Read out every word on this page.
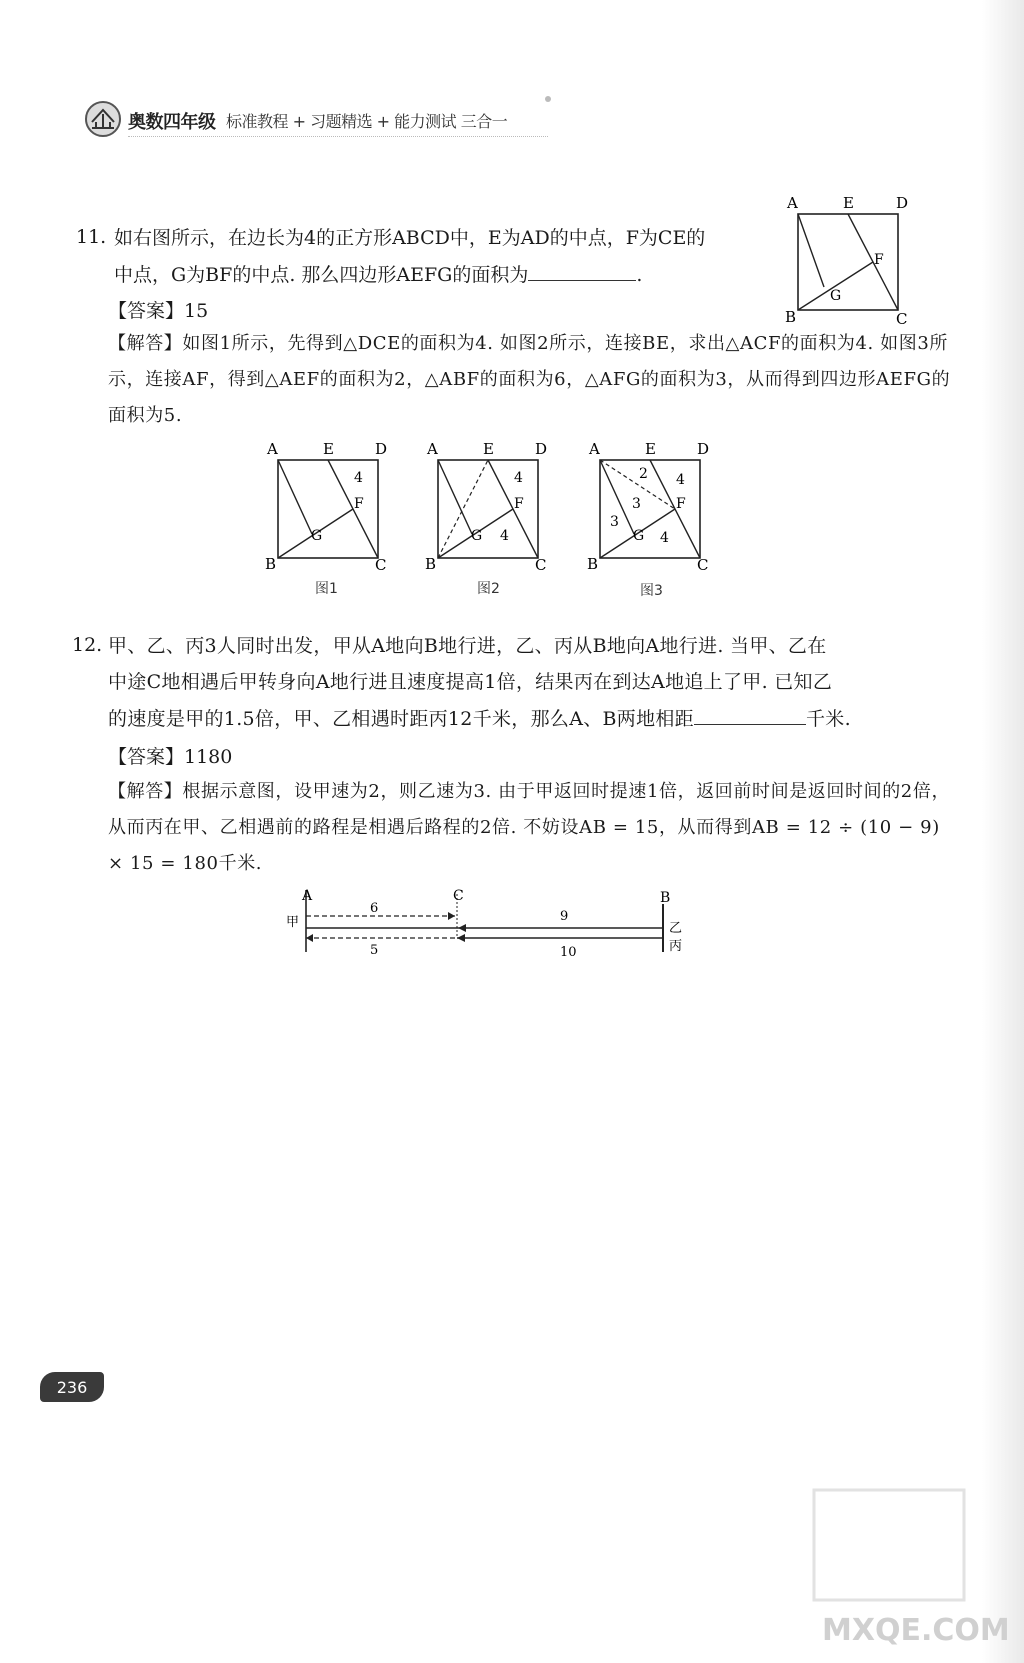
奥数四年级 标准教程 + 习题精选 + 能力测试 三合一
11. 如右图所示，在边长为4的正方形ABCD中，E为AD的中点，F为CE的
中点，G为BF的中点. 那么四边形AEFG的面积为	.
【答案】15
【解答】如图1所示，先得到△DCE的面积为4. 如图2所示，连接BE，求出△ACF的面积为4. 如图3所示，连接AF，得到△AEF的面积为2，△ABF的面积为6，△AFG的面积为3，从而得到四边形AEFG的面积为5.
A	E	D
B	C
F
G
A	E	D
B	C
F
G
4
图1
A	E	D
B	C
F
G
4
4
图2
A	E	D
B	C
F
G
2 4
3
3
4
图3
12. 甲、乙、丙3人同时出发，甲从A地向B地行进，乙、丙从B地向A地行进. 当甲、乙在
中途C地相遇后甲转身向A地行进且速度提高1倍，结果丙在到达A地追上了甲. 已知乙
的速度是甲的1.5倍，甲、乙相遇时距丙12千米，那么A、B两地相距	千米.
【答案】1180
【解答】根据示意图，设甲速为2，则乙速为3. 由于甲返回时提速1倍，返回前时间是返回时间的2倍，从而丙在甲、乙相遇前的路程是相遇后路程的2倍. 不妨设AB = 15，从而得到AB = 12 ÷ (10 − 9) × 15 = 180千米.
A	C	B
甲	乙
丙
6
9
5	10
236
MXQE.COM
